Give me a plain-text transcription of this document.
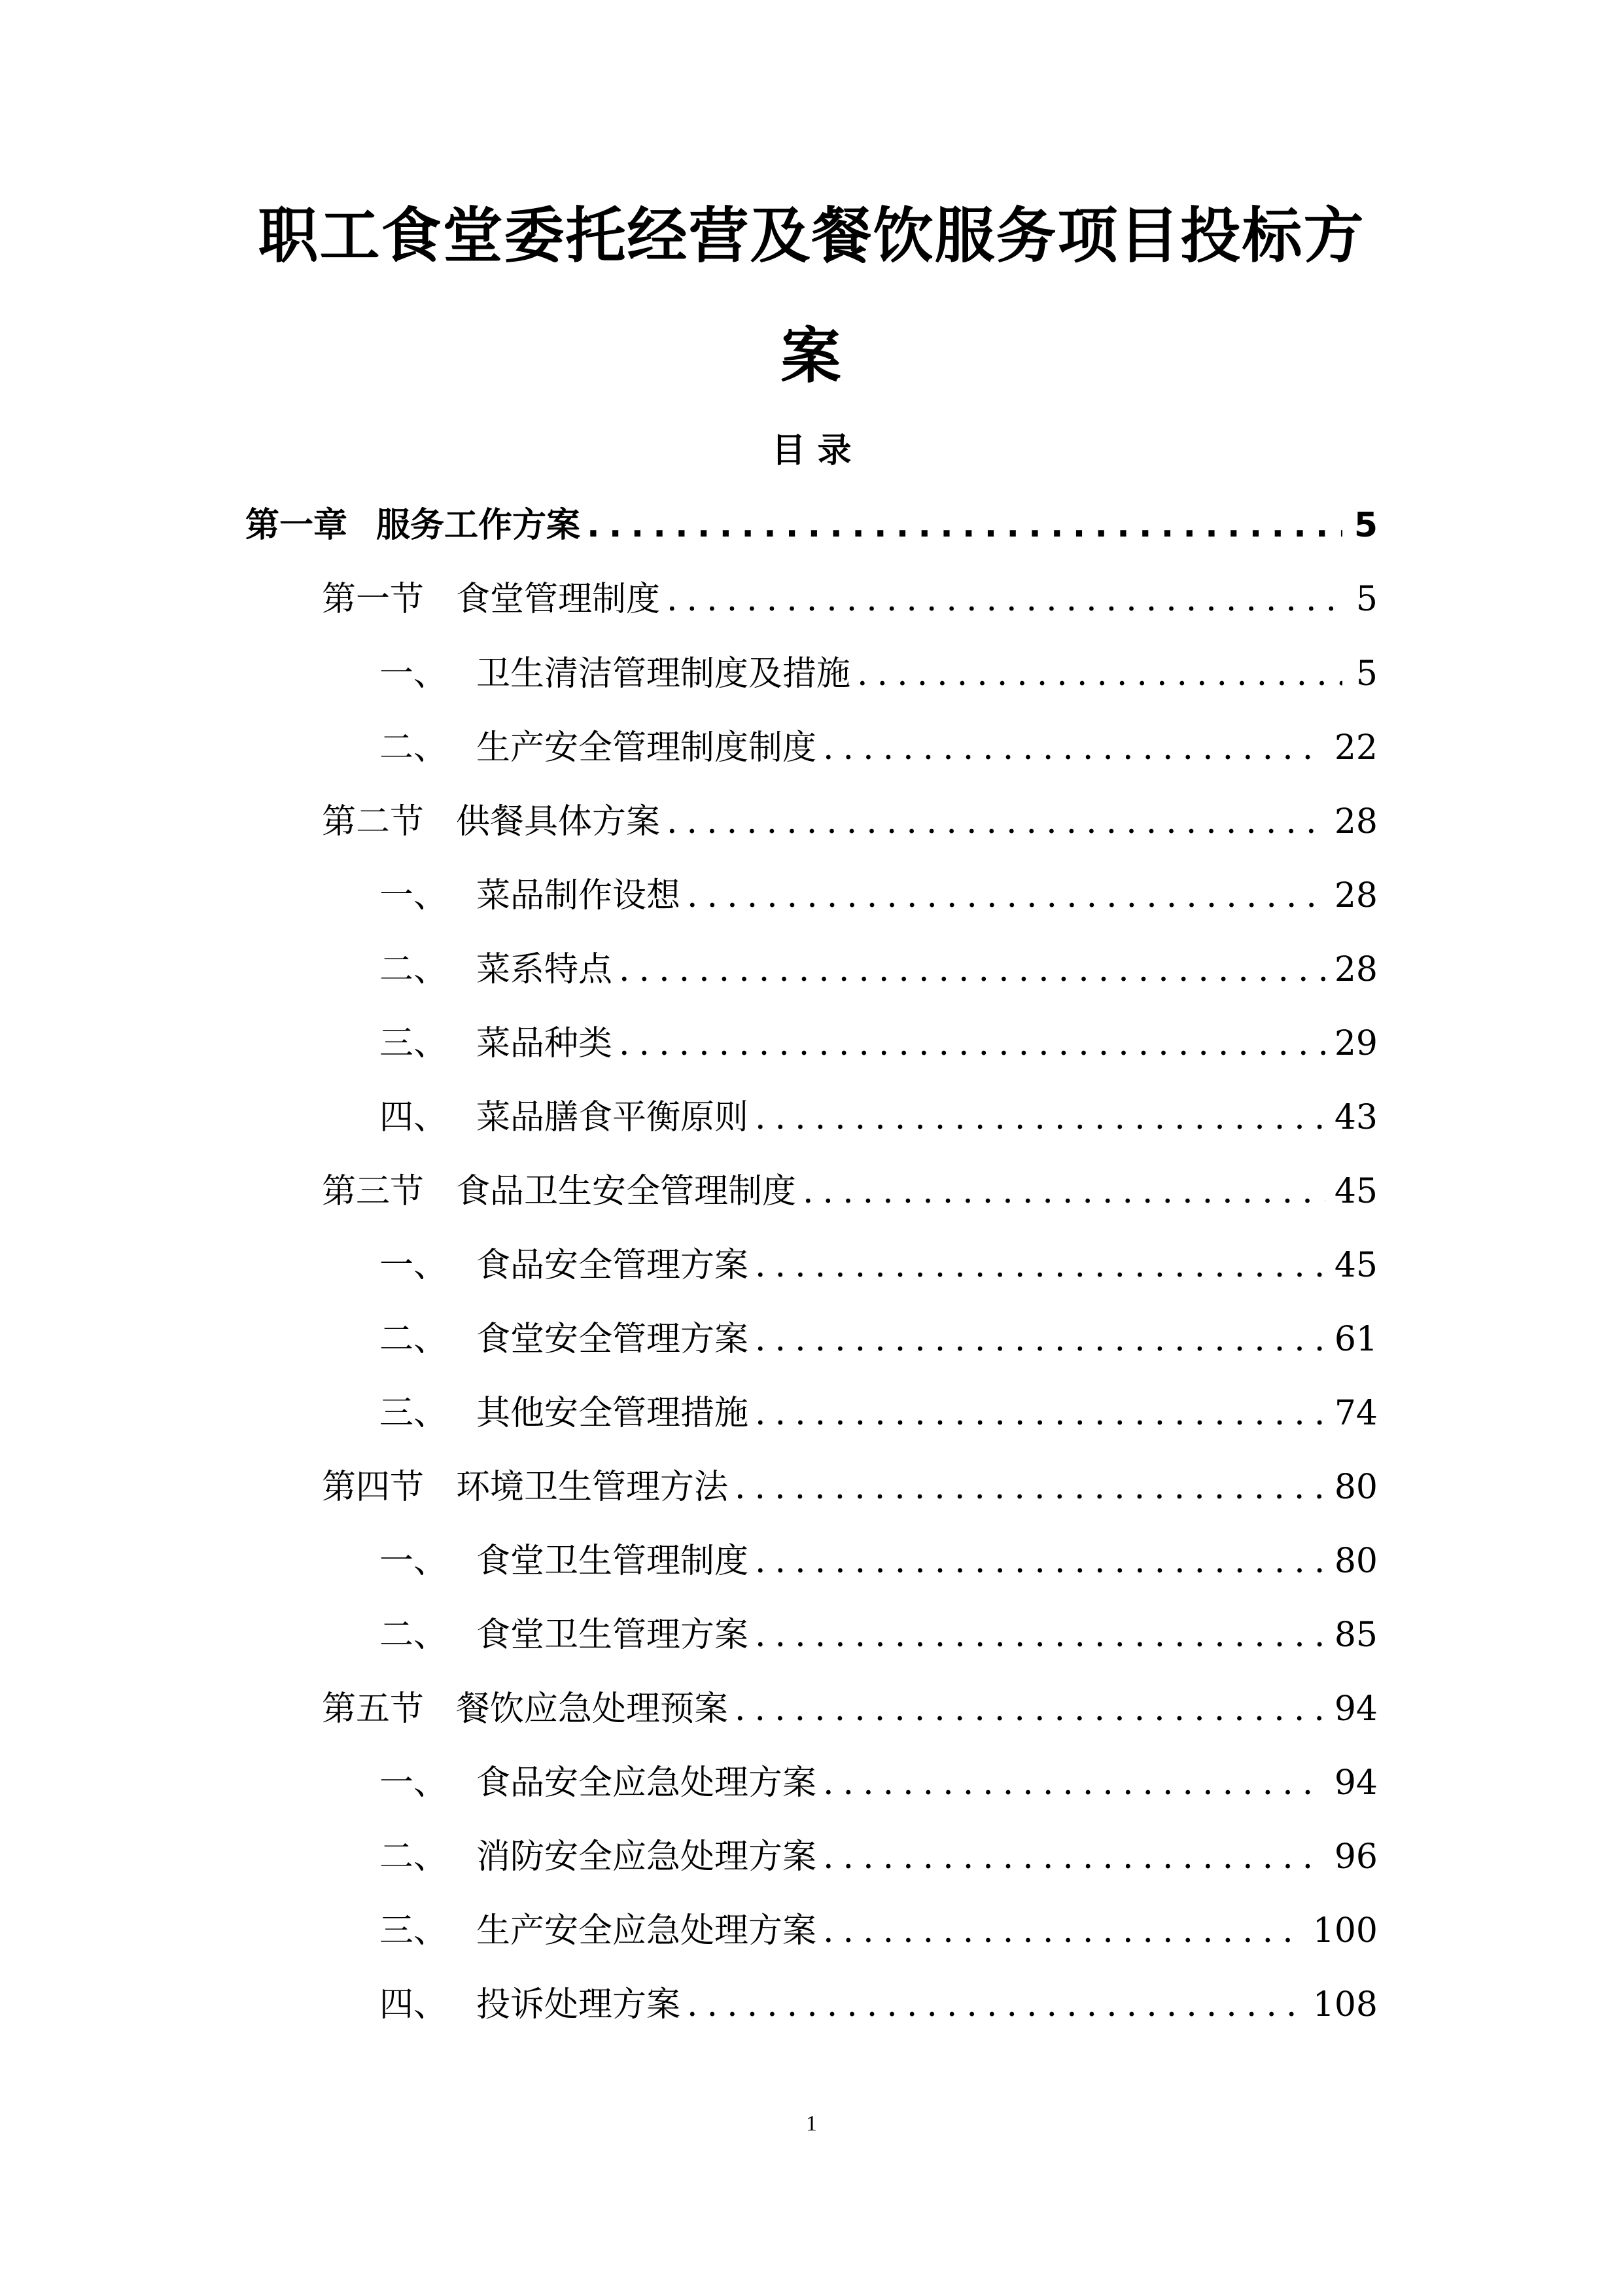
职工食堂委托经营及餐饮服务项目投标方
案
目 录
第一章 服务工作方案 .....	5
第一节 食堂管理制度 .....	5
一、 卫生清洁管理制度及措施 .....	5
二、 生产安全管理制度制度 .....	22
第二节 供餐具体方案 .....	28
一、 菜品制作设想 .....	28
二、 菜系特点 .....	28
三、 菜品种类 .....	29
四、 菜品膳食平衡原则 .....	43
第三节 食品卫生安全管理制度 .....	45
一、 食品安全管理方案 .....	45
二、 食堂安全管理方案 .....	61
三、 其他安全管理措施 .....	74
第四节 环境卫生管理方法 .....	80
一、 食堂卫生管理制度 .....	80
二、 食堂卫生管理方案 .....	85
第五节 餐饮应急处理预案 .....	94
一、 食品安全应急处理方案 .....	94
二、 消防安全应急处理方案 .....	96
三、 生产安全应急处理方案 .....	100
四、 投诉处理方案 .....	108
1
